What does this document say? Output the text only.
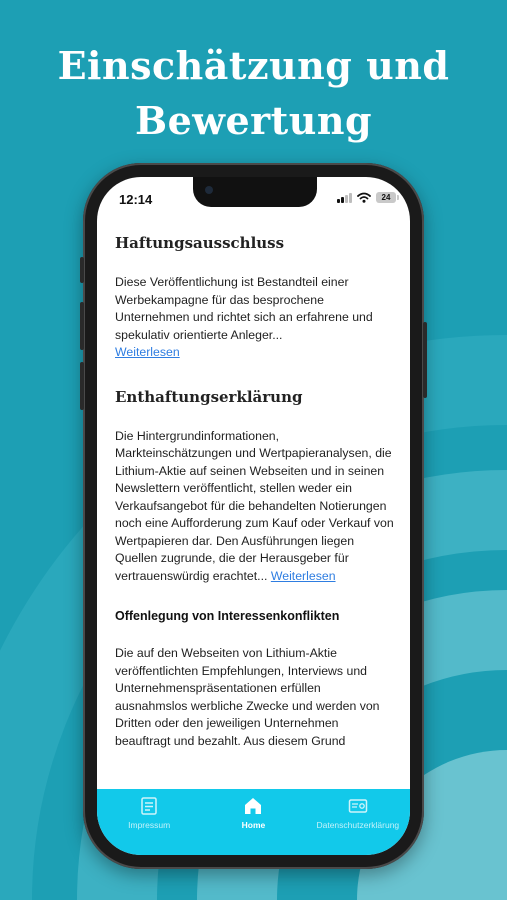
Einschätzung und
Bewertung
12:14	24
Haftungsausschluss

Diese Veröffentlichung ist Bestandteil einer Werbekampagne für das besprochene Unternehmen und richtet sich an erfahrene und spekulativ orientierte Anleger...
Weiterlesen

Enthaftungserklärung

Die Hintergrundinformationen, Markteinschätzungen und Wertpapieranalysen, die Lithium-Aktie auf seinen Webseiten und in seinen Newslettern veröffentlicht, stellen weder ein Verkaufsangebot für die behandelten Notierungen noch eine Aufforderung zum Kauf oder Verkauf von Wertpapieren dar. Den Ausführungen liegen Quellen zugrunde, die der Herausgeber für vertrauenswürdig erachtet... Weiterlesen

Offenlegung von Interessenkonflikten

Die auf den Webseiten von Lithium-Aktie veröffentlichten Empfehlungen, Interviews und Unternehmenspräsentationen erfüllen ausnahmslos werbliche Zwecke und werden von Dritten oder den jeweiligen Unternehmen beauftragt und bezahlt. Aus diesem Grund

Impressum	Home	Datenschutzerklärung
